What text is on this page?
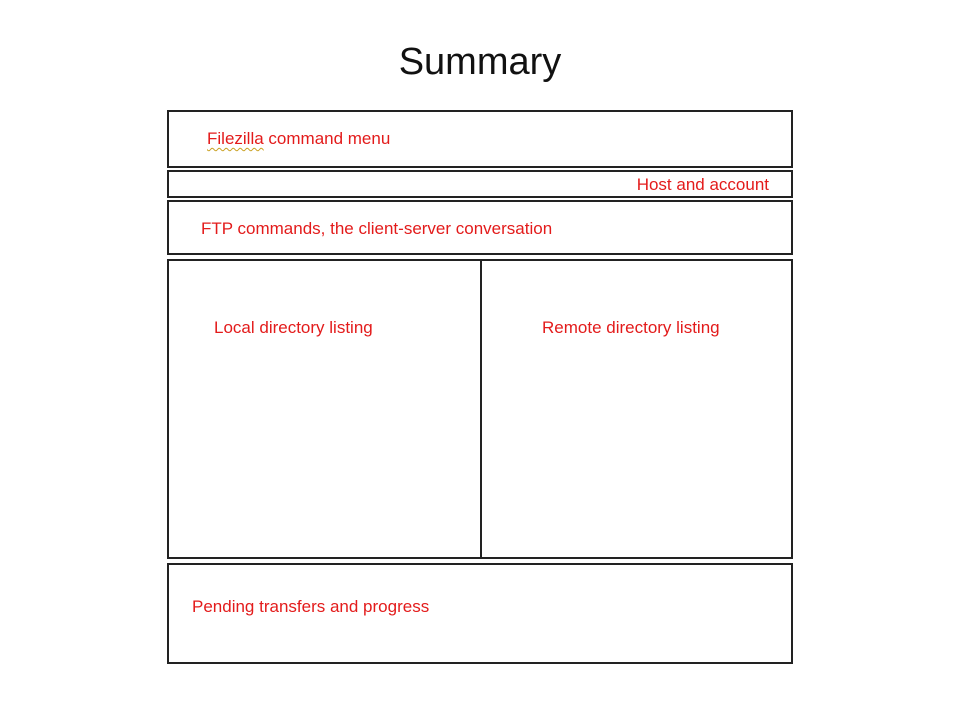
Summary
Filezilla command menu
Host and account
FTP commands, the client-server conversation
Local directory listing	Remote directory listing
Pending transfers and progress
